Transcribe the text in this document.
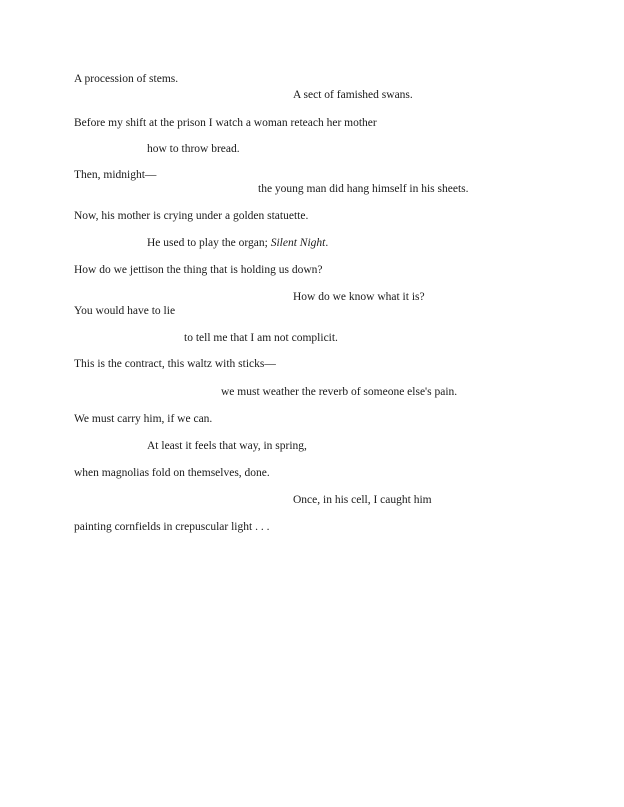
A procession of stems.

A sect of famished swans.

Before my shift at the prison I watch a woman reteach her mother

how to throw bread.

Then, midnight—

the young man did hang himself in his sheets.

Now, his mother is crying under a golden statuette.

He used to play the organ; Silent Night.

How do we jettison the thing that is holding us down?

How do we know what it is?

You would have to lie

to tell me that I am not complicit.

This is the contract, this waltz with sticks—

we must weather the reverb of someone else's pain.

We must carry him, if we can.

At least it feels that way, in spring,

when magnolias fold on themselves, done.

Once, in his cell, I caught him

painting cornfields in crepuscular light . . .
